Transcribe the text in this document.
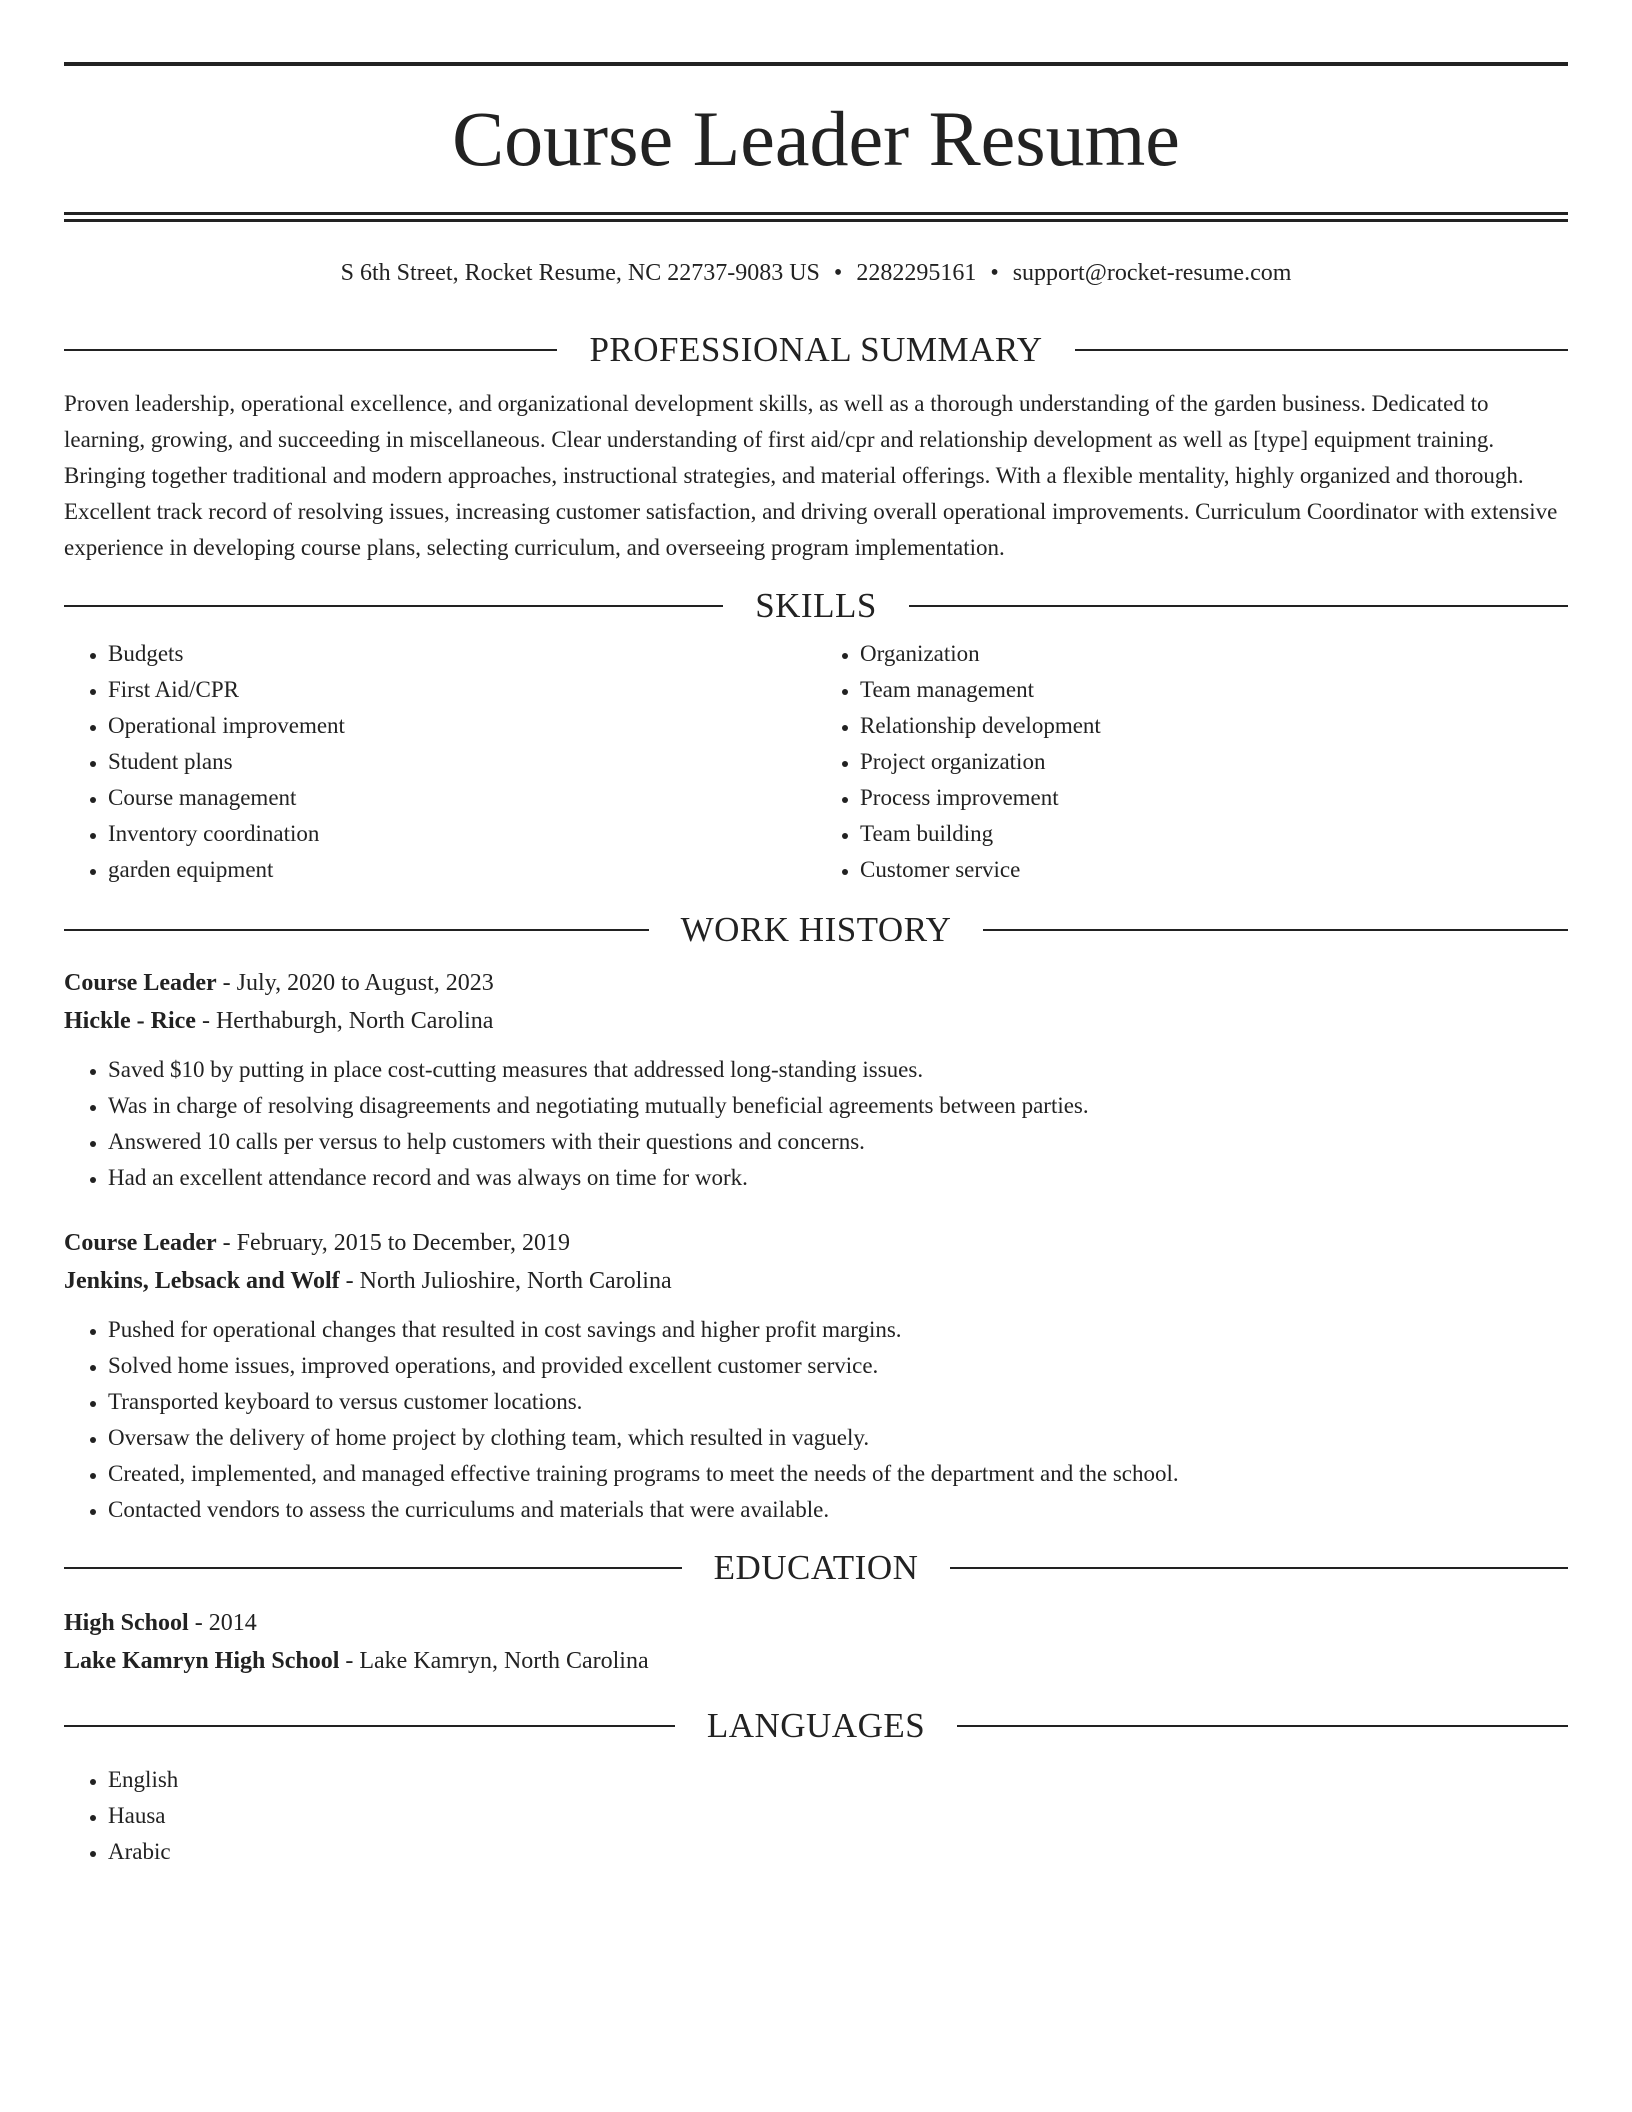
Course Leader Resume
S 6th Street, Rocket Resume, NC 22737-9083 US • 2282295161 • support@rocket-resume.com
PROFESSIONAL SUMMARY

Proven leadership, operational excellence, and organizational development skills, as well as a thorough understanding of the garden business. Dedicated to learning, growing, and succeeding in miscellaneous. Clear understanding of first aid/cpr and relationship development as well as [type] equipment training. Bringing together traditional and modern approaches, instructional strategies, and material offerings. With a flexible mentality, highly organized and thorough. Excellent track record of resolving issues, increasing customer satisfaction, and driving overall operational improvements. Curriculum Coordinator with extensive experience in developing course plans, selecting curriculum, and overseeing program implementation.

SKILLS
• Budgets
• First Aid/CPR
• Operational improvement
• Student plans
• Course management
• Inventory coordination
• garden equipment
• Organization
• Team management
• Relationship development
• Project organization
• Process improvement
• Team building
• Customer service
WORK HISTORY
Course Leader - July, 2020 to August, 2023
Hickle - Rice - Herthaburgh, North Carolina
• Saved $10 by putting in place cost-cutting measures that addressed long-standing issues.
• Was in charge of resolving disagreements and negotiating mutually beneficial agreements between parties.
• Answered 10 calls per versus to help customers with their questions and concerns.
• Had an excellent attendance record and was always on time for work.
Course Leader - February, 2015 to December, 2019
Jenkins, Lebsack and Wolf - North Julioshire, North Carolina
• Pushed for operational changes that resulted in cost savings and higher profit margins.
• Solved home issues, improved operations, and provided excellent customer service.
• Transported keyboard to versus customer locations.
• Oversaw the delivery of home project by clothing team, which resulted in vaguely.
• Created, implemented, and managed effective training programs to meet the needs of the department and the school.
• Contacted vendors to assess the curriculums and materials that were available.
EDUCATION
High School - 2014
Lake Kamryn High School - Lake Kamryn, North Carolina
LANGUAGES
• English
• Hausa
• Arabic
